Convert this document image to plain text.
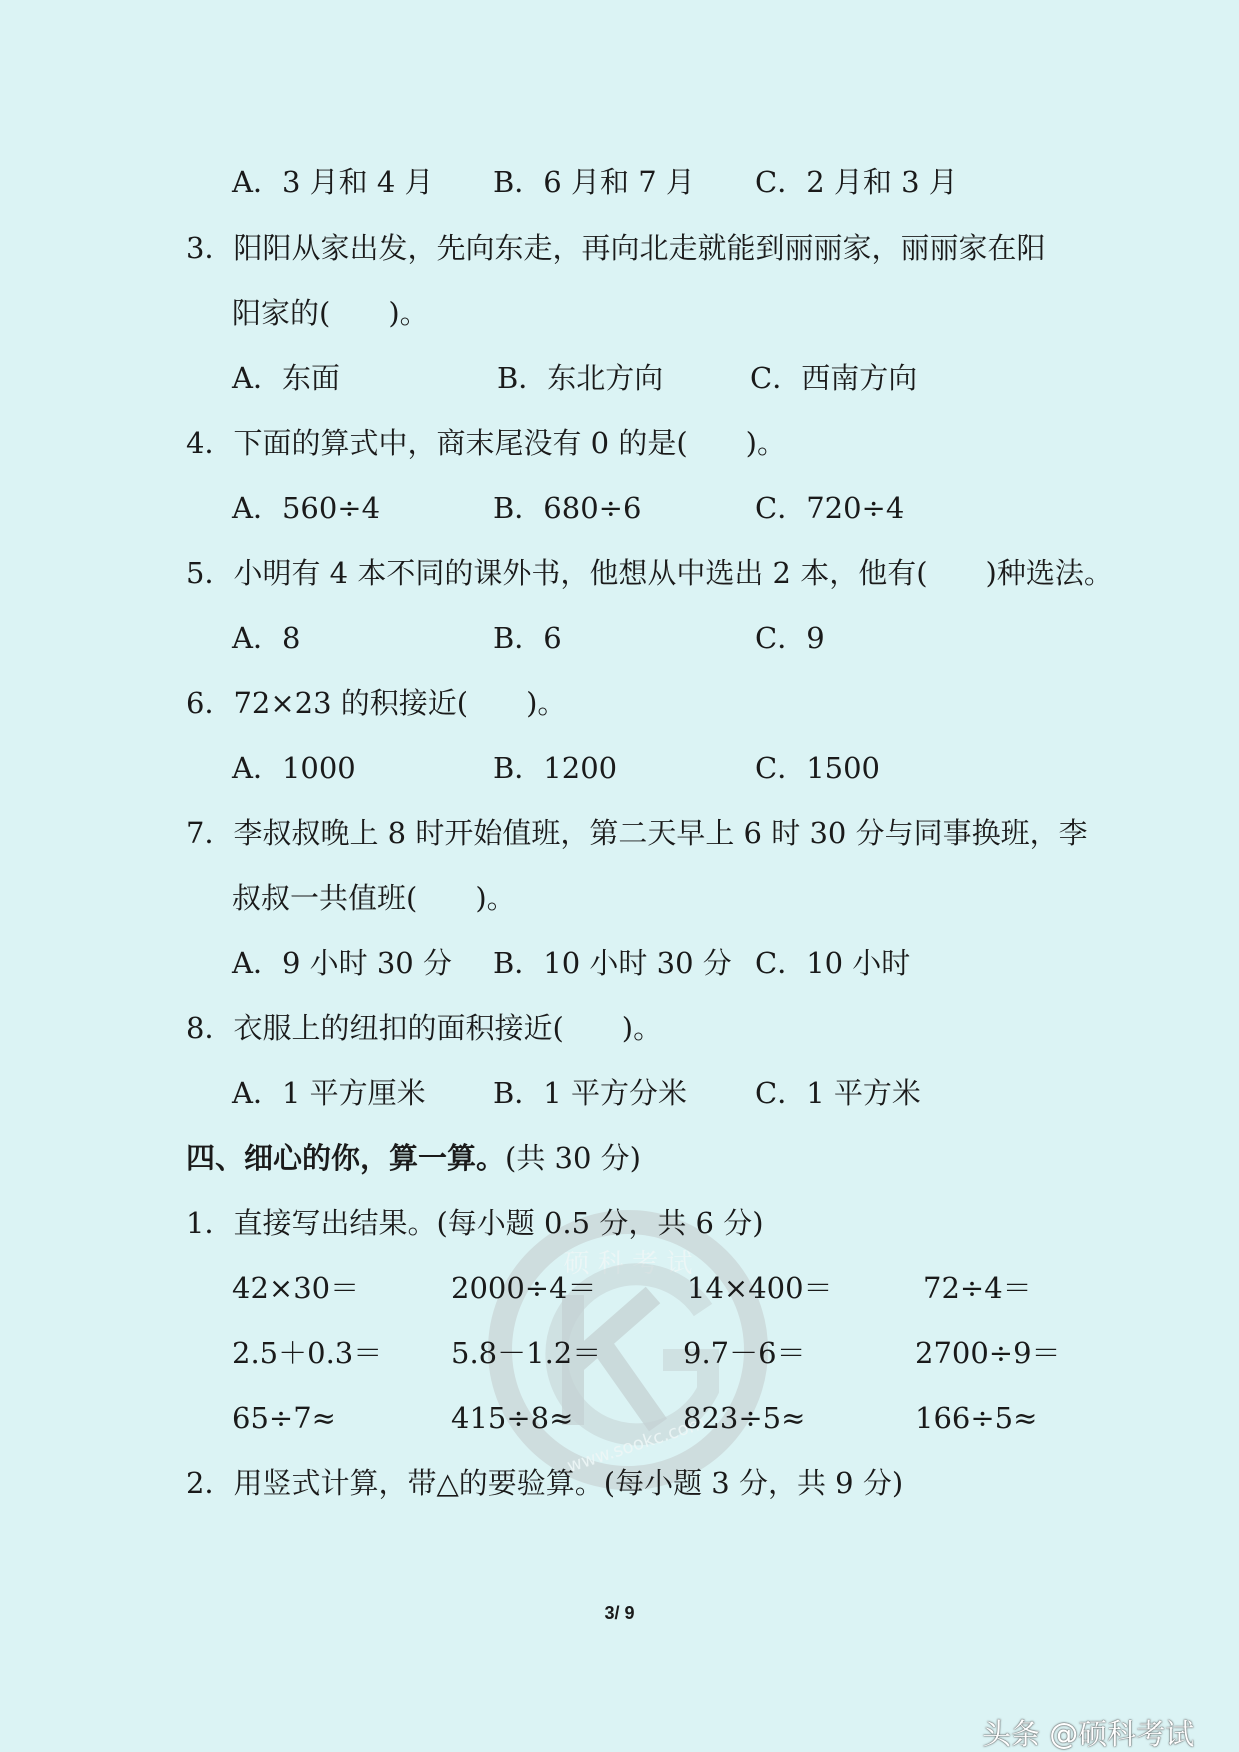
硕 科 考 试
www.sookc.com
A．3 月和 4 月 B．6 月和 7 月 C．2 月和 3 月
3．阳阳从家出发，先向东走，再向北走就能到丽丽家，丽丽家在阳
阳家的(　　)。
A．东面	B．东北方向	C．西南方向
4．下面的算式中，商末尾没有 0 的是(　　)。
A．560÷4	B．680÷6	C．720÷4
5．小明有 4 本不同的课外书，他想从中选出 2 本，他有(　　)种选法。
A．8	B．6	C．9
6．72×23 的积接近(　　)。
A．1000	B．1200	C．1500
7．李叔叔晚上 8 时开始值班，第二天早上 6 时 30 分与同事换班，李
叔叔一共值班(　　)。
A．9 小时 30 分 B．10 小时 30 分 C．10 小时
8．衣服上的纽扣的面积接近(　　)。
A．1 平方厘米 B．1 平方分米 C．1 平方米
四、细心的你，算一算。(共 30 分)
1．直接写出结果。(每小题 0.5 分，共 6 分)
42×30＝	2000÷4＝	14×400＝	72÷4＝
2.5＋0.3＝ 5.8－1.2＝	9.7－6＝	2700÷9＝
65÷7≈	415÷8≈	823÷5≈	166÷5≈
2．用竖式计算，带△的要验算。(每小题 3 分，共 9 分)
3/ 9
头条 @硕科考试
